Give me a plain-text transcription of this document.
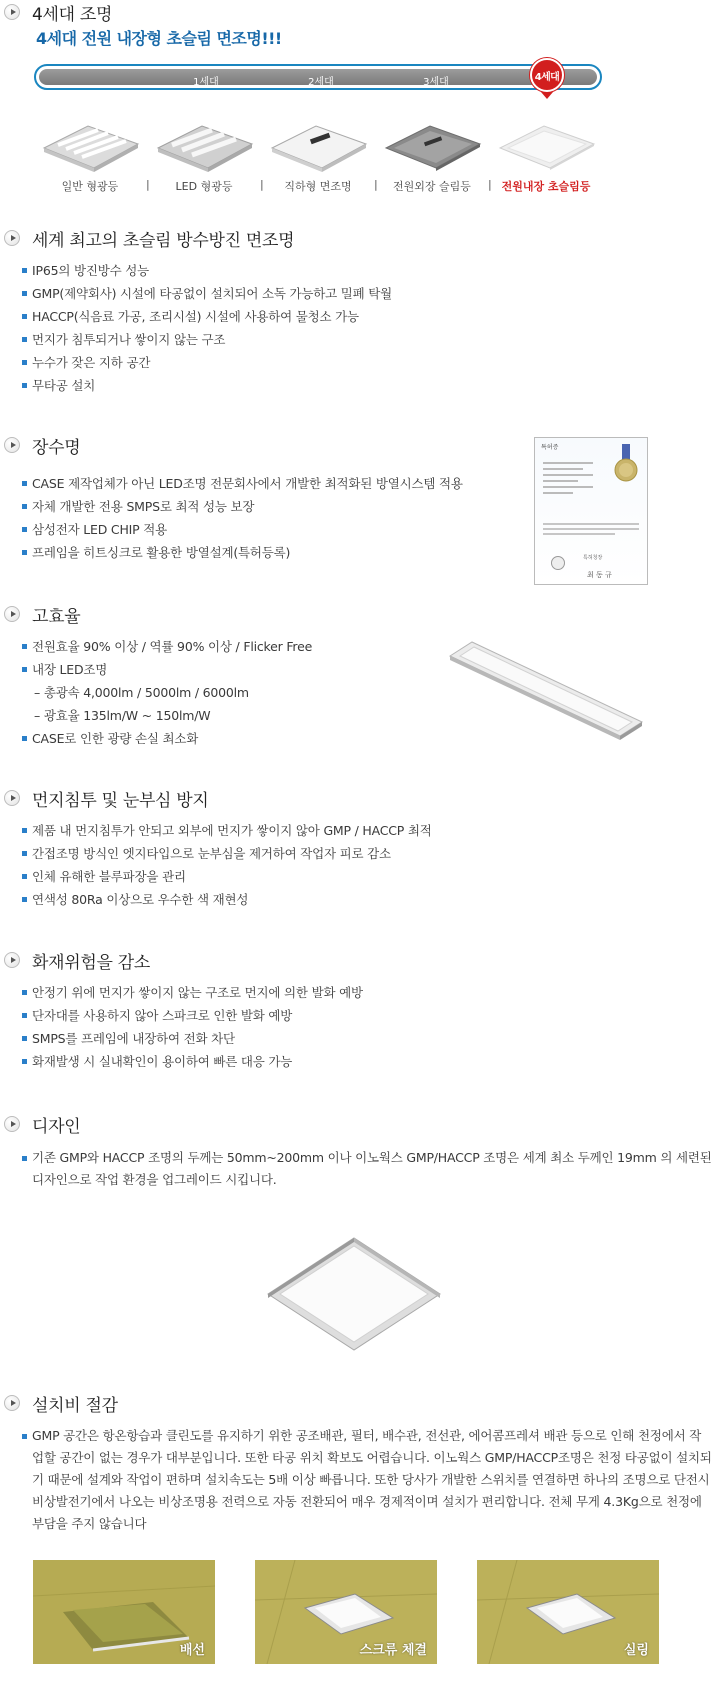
4세대 조명
4세대 전원 내장형 초슬림 면조명!!!
1세대	2세대	3세대	4세대
일반 형광등	|	LED 형광등	|	직하형 면조명	|	전원외장 슬림등	| 전원내장 초슬림등
세계 최고의 초슬림 방수방진 면조명
IP65의 방진방수 성능
GMP(제약회사) 시설에 타공없이 설치되어 소독 가능하고 밀폐 탁월
HACCP(식음료 가공, 조리시설) 시설에 사용하여 물청소 가능
먼지가 침투되거나 쌓이지 않는 구조
누수가 잦은 지하 공간
무타공 설치
장수명
CASE 제작업체가 아닌 LED조명 전문회사에서 개발한 최적화된 방열시스템 적용
자체 개발한 전용 SMPS로 최적 성능 보장
삼성전자 LED CHIP 적용
프레임을 히트싱크로 활용한 방열설계(특허등록)
특허증
특허청장
최 동 규
고효율
전원효율 90% 이상 / 역률 90% 이상 / Flicker Free
내장 LED조명
– 총광속 4,000lm / 5000lm / 6000lm
– 광효율 135lm/W ~ 150lm/W
CASE로 인한 광량 손실 최소화
먼지침투 및 눈부심 방지
제품 내 먼지침투가 안되고 외부에 먼지가 쌓이지 않아 GMP / HACCP 최적
간접조명 방식인 엣지타입으로 눈부심을 제거하여 작업자 피로 감소
인체 유해한 블루파장을 관리
연색성 80Ra 이상으로 우수한 색 재현성
화재위험을 감소
안정기 위에 먼지가 쌓이지 않는 구조로 먼지에 의한 발화 예방
단자대를 사용하지 않아 스파크로 인한 발화 예방
SMPS를 프레임에 내장하여 전화 차단
화재발생 시 실내확인이 용이하여 빠른 대응 가능
디자인
기존 GMP와 HACCP 조명의 두께는 50mm~200mm 이나 이노웍스 GMP/HACCP 조명은 세계 최소 두께인 19mm 의 세련된 디자인으로 작업 환경을 업그레이드 시킵니다.
설치비 절감
GMP 공간은 항온항습과 클린도를 유지하기 위한 공조배관, 필터, 배수관, 전선관, 에어콤프레셔 배관 등으로 인해 천정에서 작업할 공간이 없는 경우가 대부분입니다. 또한 타공 위치 확보도 어렵습니다. 이노웍스 GMP/HACCP조명은 천정 타공없이 설치되기 때문에 설계와 작업이 편하며 설치속도는 5배 이상 빠릅니다. 또한 당사가 개발한 스위치를 연결하면 하나의 조명으로 단전시 비상발전기에서 나오는 비상조명용 전력으로 자동 전환되어 매우 경제적이며 설치가 편리합니다. 전체 무게 4.3Kg으로 천정에 부담을 주지 않습니다
배선	스크류 체결	실링
